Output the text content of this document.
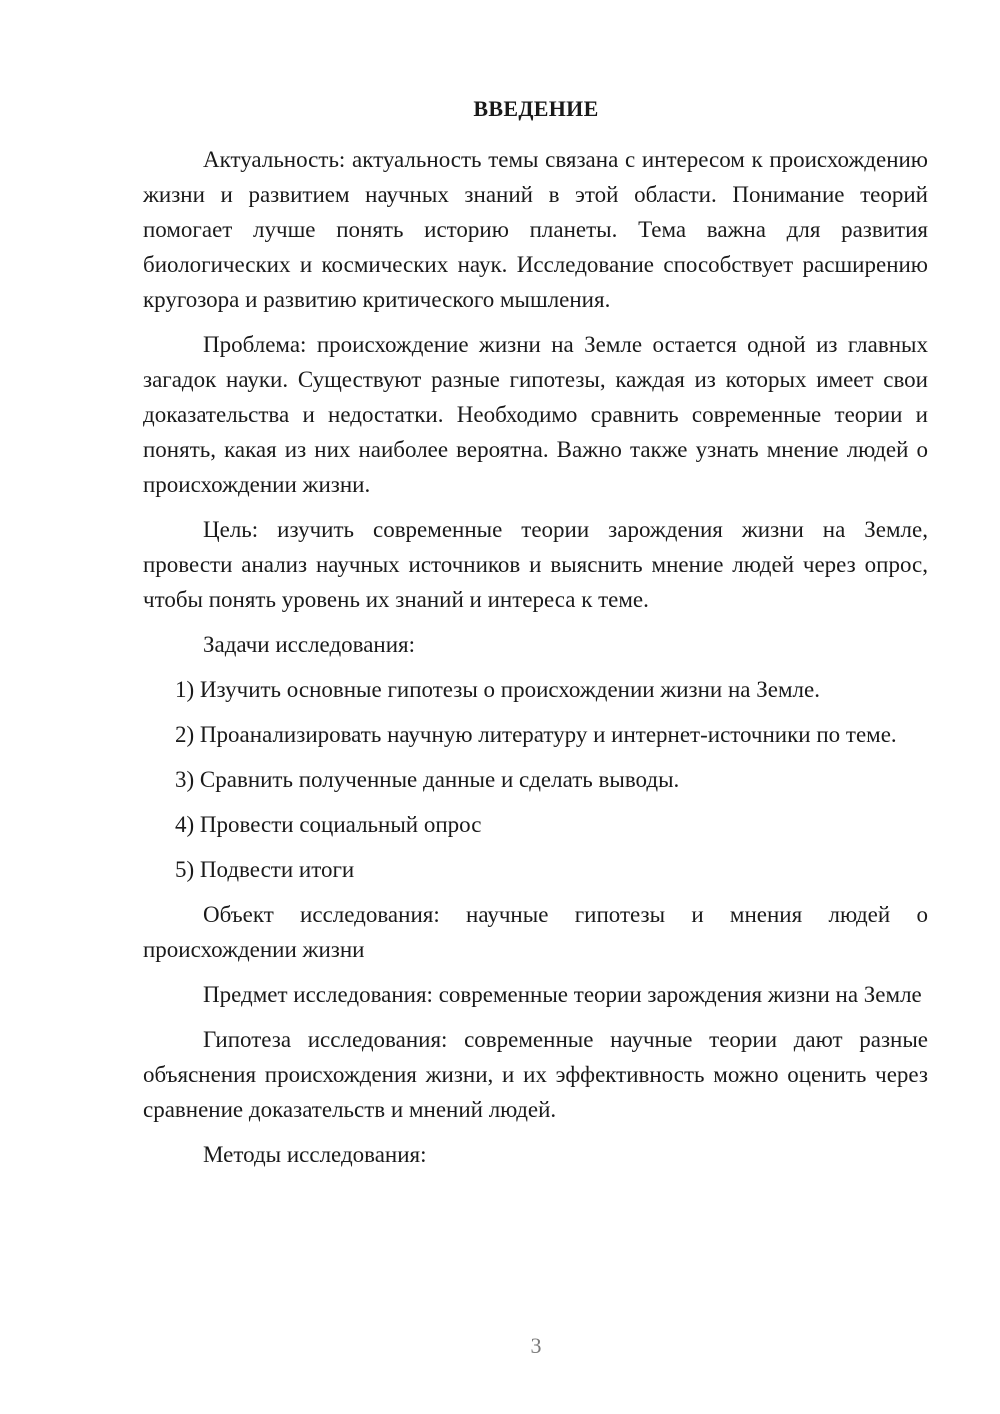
ВВЕДЕНИЕ

Актуальность: актуальность темы связана с интересом к происхождению жизни и развитием научных знаний в этой области. Понимание теорий помогает лучше понять историю планеты. Тема важна для развития биологических и космических наук. Исследование способствует расширению кругозора и развитию критического мышления.

Проблема: происхождение жизни на Земле остается одной из главных загадок науки. Существуют разные гипотезы, каждая из которых имеет свои доказательства и недостатки. Необходимо сравнить современные теории и понять, какая из них наиболее вероятна. Важно также узнать мнение людей о происхождении жизни.

Цель: изучить современные теории зарождения жизни на Земле, провести анализ научных источников и выяснить мнение людей через опрос, чтобы понять уровень их знаний и интереса к теме.

Задачи исследования:

1) Изучить основные гипотезы о происхождении жизни на Земле.

2) Проанализировать научную литературу и интернет-источники по теме.

3) Сравнить полученные данные и сделать выводы.

4) Провести социальный опрос

5) Подвести итоги

Объект исследования: научные гипотезы и мнения людей о происхождении жизни

Предмет исследования: современные теории зарождения жизни на Земле

Гипотеза исследования: современные научные теории дают разные объяснения происхождения жизни, и их эффективность можно оценить через сравнение доказательств и мнений людей.

Методы исследования:

3
